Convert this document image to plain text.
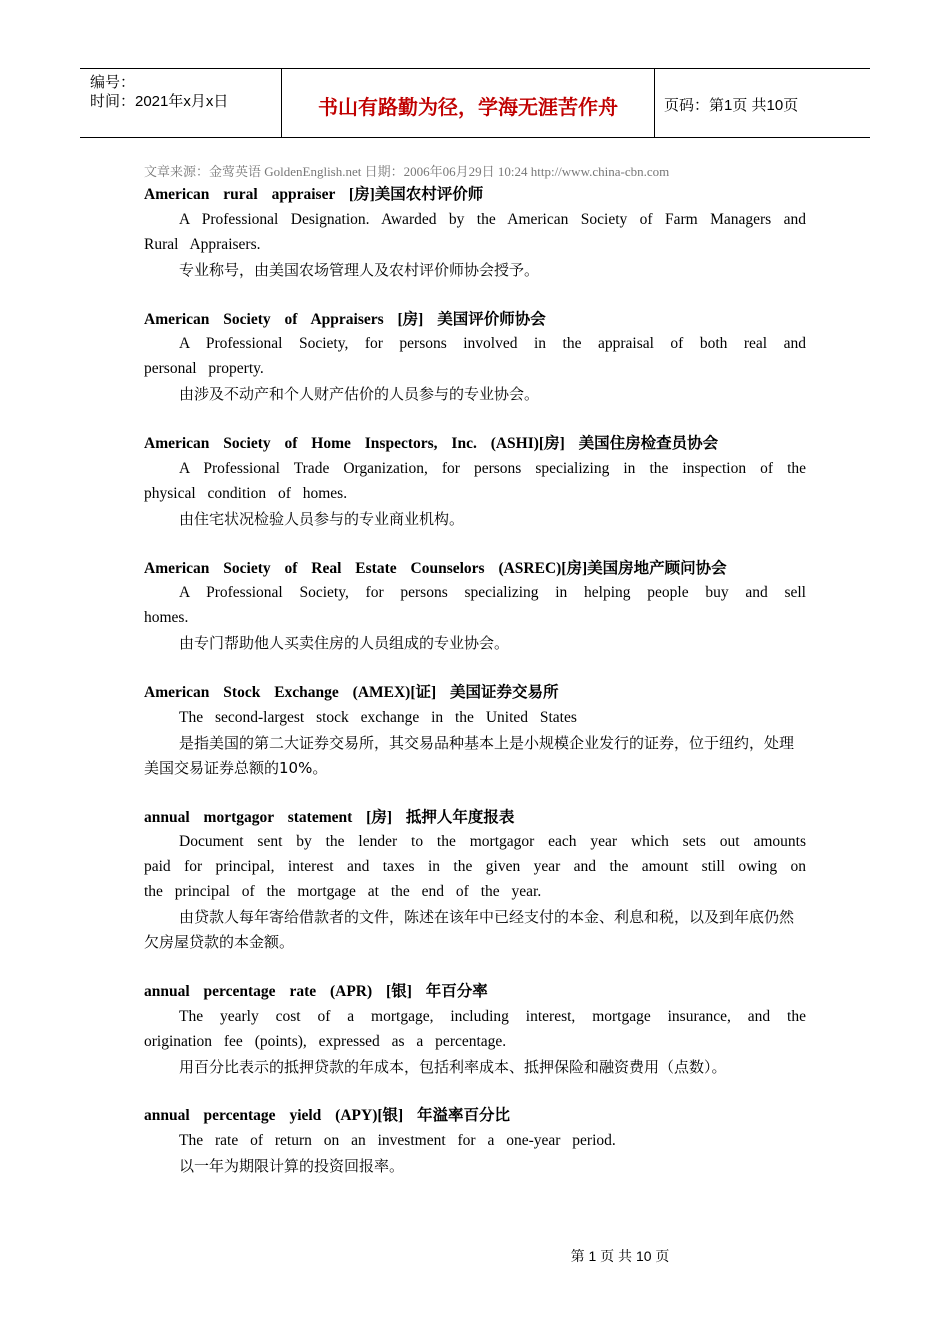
编号：
时间：2021年x月x日	书山有路勤为径，学海无涯苦作舟	页码：第1页 共10页
文章来源：金莺英语 GoldenEnglish.net 日期：2006年06月29日 10:24 http://www.china-cbn.com
American rural appraiser [房]美国农村评价师
A Professional Designation. Awarded by the American Society of Farm Managers and Rural Appraisers.
专业称号，由美国农场管理人及农村评价师协会授予。
American Society of Appraisers [房] 美国评价师协会
A Professional Society, for persons involved in the appraisal of both real and personal property.
由涉及不动产和个人财产估价的人员参与的专业协会。
American Society of Home Inspectors, Inc. (ASHI)[房] 美国住房检查员协会
A Professional Trade Organization, for persons specializing in the inspection of the physical condition of homes.
由住宅状况检验人员参与的专业商业机构。
American Society of Real Estate Counselors (ASREC)[房]美国房地产顾问协会
A Professional Society, for persons specializing in helping people buy and sell homes.
由专门帮助他人买卖住房的人员组成的专业协会。
American Stock Exchange (AMEX)[证] 美国证券交易所
The second-largest stock exchange in the United States
是指美国的第二大证券交易所，其交易品种基本上是小规模企业发行的证券，位于纽约，处理美国交易证券总额的10%。
annual mortgagor statement [房] 抵押人年度报表
Document sent by the lender to the mortgagor each year which sets out amounts paid for principal, interest and taxes in the given year and the amount still owing on the principal of the mortgage at the end of the year.
由贷款人每年寄给借款者的文件，陈述在该年中已经支付的本金、利息和税，以及到年底仍然欠房屋贷款的本金额。
annual percentage rate (APR) [银] 年百分率
The yearly cost of a mortgage, including interest, mortgage insurance, and the origination fee (points), expressed as a percentage.
用百分比表示的抵押贷款的年成本，包括利率成本、抵押保险和融资费用（点数）。
annual percentage yield (APY)[银] 年溢率百分比
The rate of return on an investment for a one-year period.
以一年为期限计算的投资回报率。
第 1 页 共 10 页
